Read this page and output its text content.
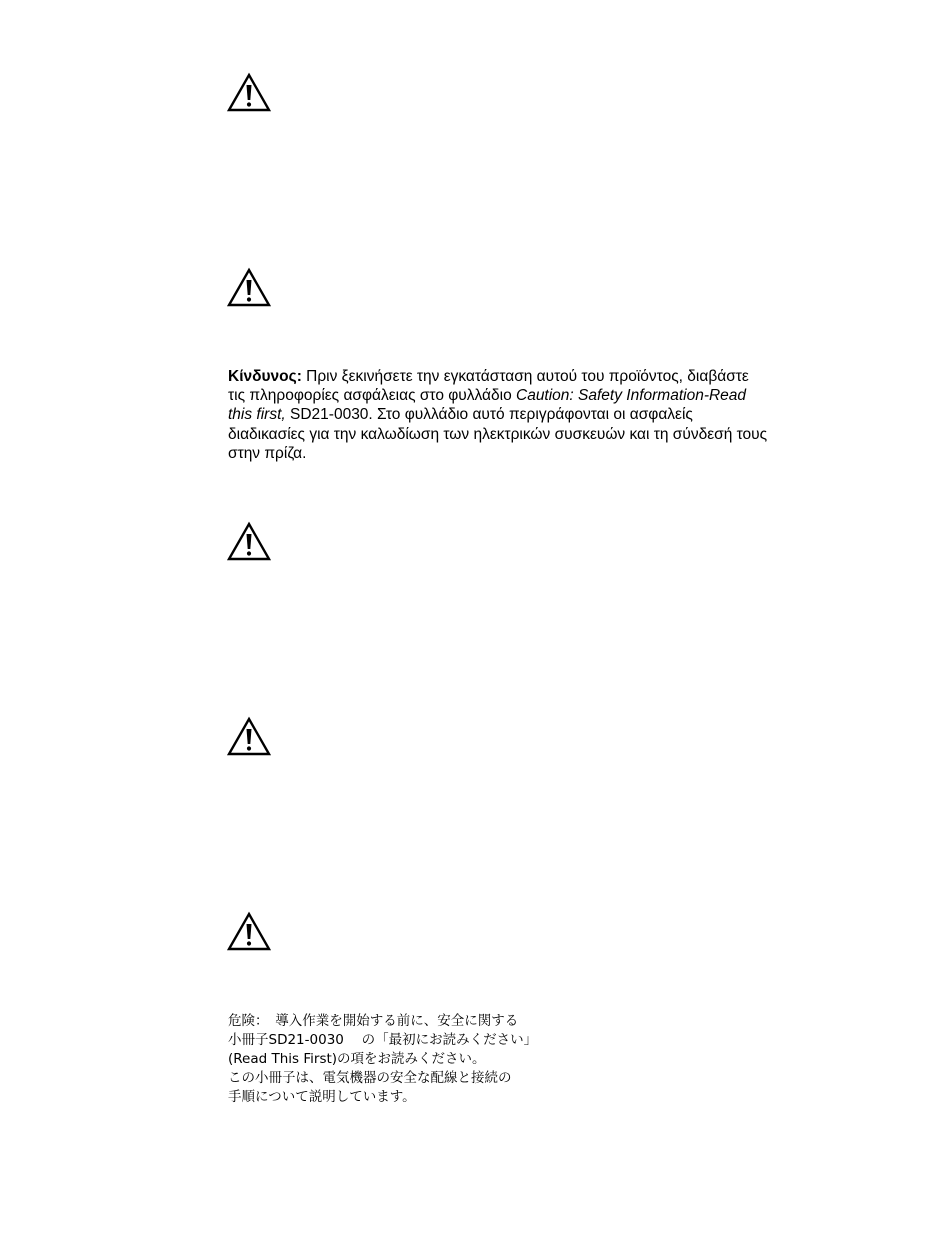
Κίνδυνος: Πριν ξεκινήσετε την εγκατάσταση αυτού του προϊόντος, διαβάστε τις πληροφορίες ασφάλειας στο φυλλάδιο Caution: Safety Information-Read this first, SD21-0030. Στο φυλλάδιο αυτό περιγράφονται οι ασφαλείς διαδικασίες για την καλωδίωση των ηλεκτρικών συσκευών και τη σύνδεσή τους στην πρίζα.

危険：　導入作業を開始する前に、安全に関する
小冊子SD21-0030　 の「最初にお読みください」
(Read This First)の項をお読みください。
この小冊子は、電気機器の安全な配線と接続の
手順について説明しています。
